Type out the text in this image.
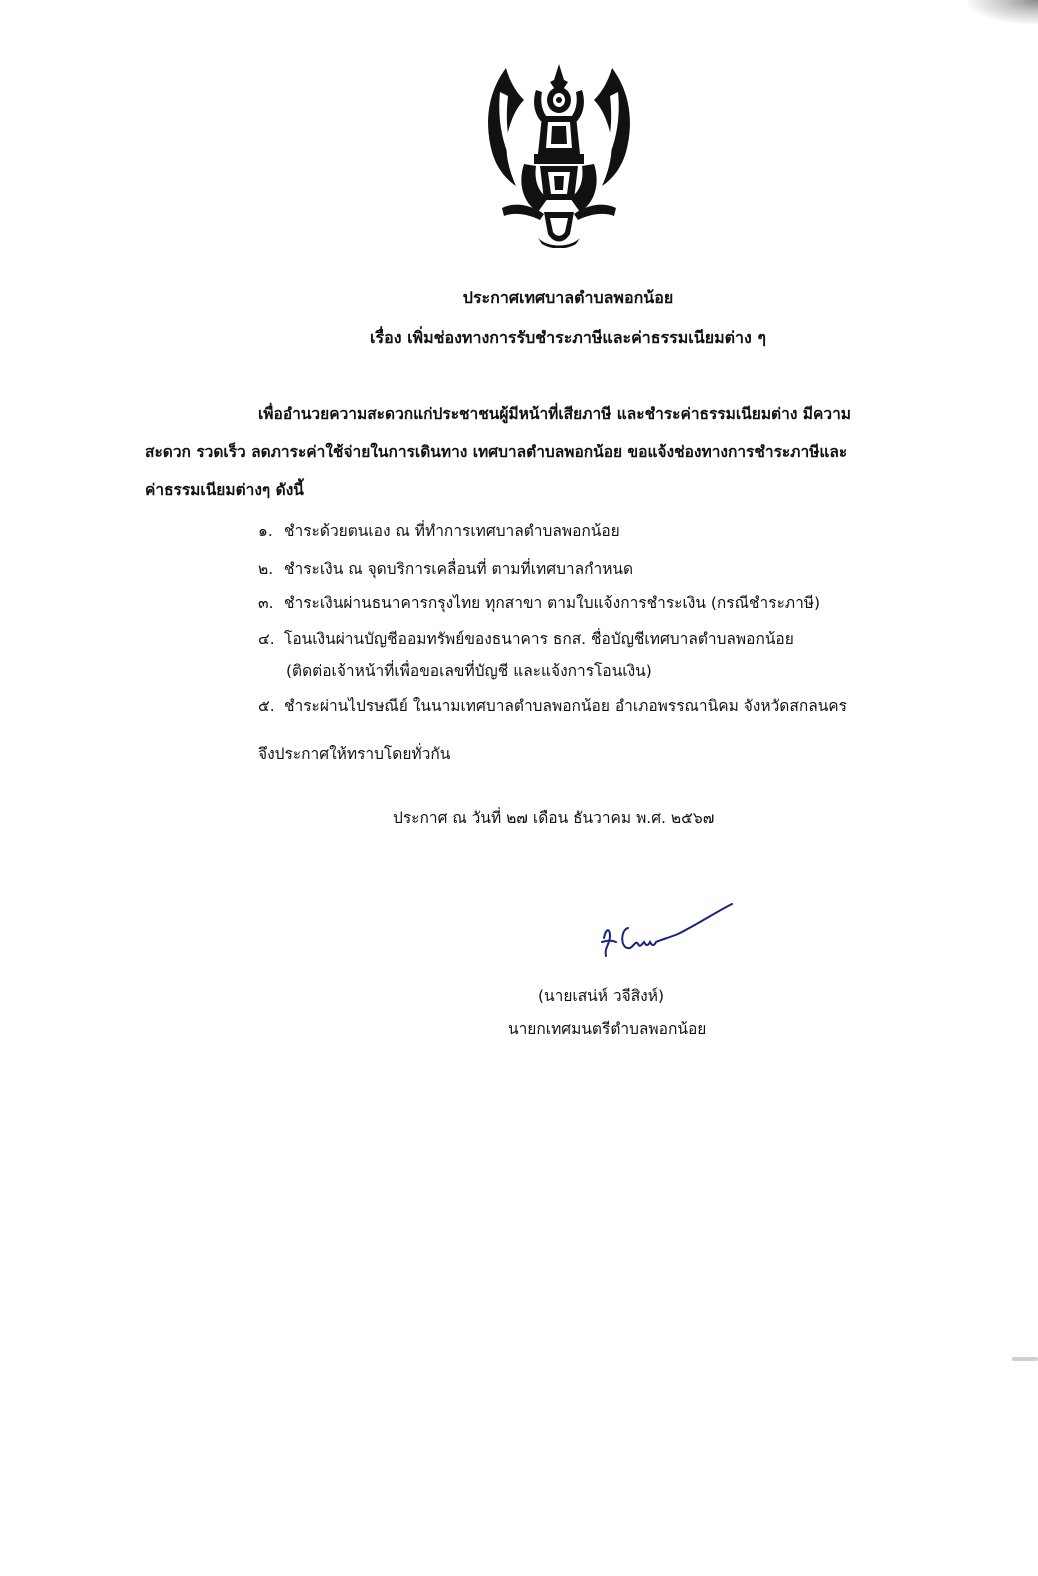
ประกาศเทศบาลตำบลพอกน้อย
เรื่อง เพิ่มช่องทางการรับชำระภาษีและค่าธรรมเนียมต่าง ๆ
เพื่ออำนวยความสะดวกแก่ประชาชนผู้มีหน้าที่เสียภาษี และชำระค่าธรรมเนียมต่าง มีความ
สะดวก รวดเร็ว ลดภาระค่าใช้จ่ายในการเดินทาง เทศบาลตำบลพอกน้อย ขอแจ้งช่องทางการชำระภาษีและ
ค่าธรรมเนียมต่างๆ ดังนี้
๑. ชำระด้วยตนเอง ณ ที่ทำการเทศบาลตำบลพอกน้อย
๒. ชำระเงิน ณ จุดบริการเคลื่อนที่ ตามที่เทศบาลกำหนด
๓. ชำระเงินผ่านธนาคารกรุงไทย ทุกสาขา ตามใบแจ้งการชำระเงิน (กรณีชำระภาษี)
๔. โอนเงินผ่านบัญชีออมทรัพย์ของธนาคาร ธกส. ชื่อบัญชีเทศบาลตำบลพอกน้อย
(ติดต่อเจ้าหน้าที่เพื่อขอเลขที่บัญชี และแจ้งการโอนเงิน)
๕. ชำระผ่านไปรษณีย์ ในนามเทศบาลตำบลพอกน้อย อำเภอพรรณานิคม จังหวัดสกลนคร
จึงประกาศให้ทราบโดยทั่วกัน
ประกาศ ณ วันที่ ๒๗ เดือน ธันวาคม พ.ศ. ๒๕๖๗
(นายเสน่ห์ วจีสิงห์)
นายกเทศมนตรีตำบลพอกน้อย
